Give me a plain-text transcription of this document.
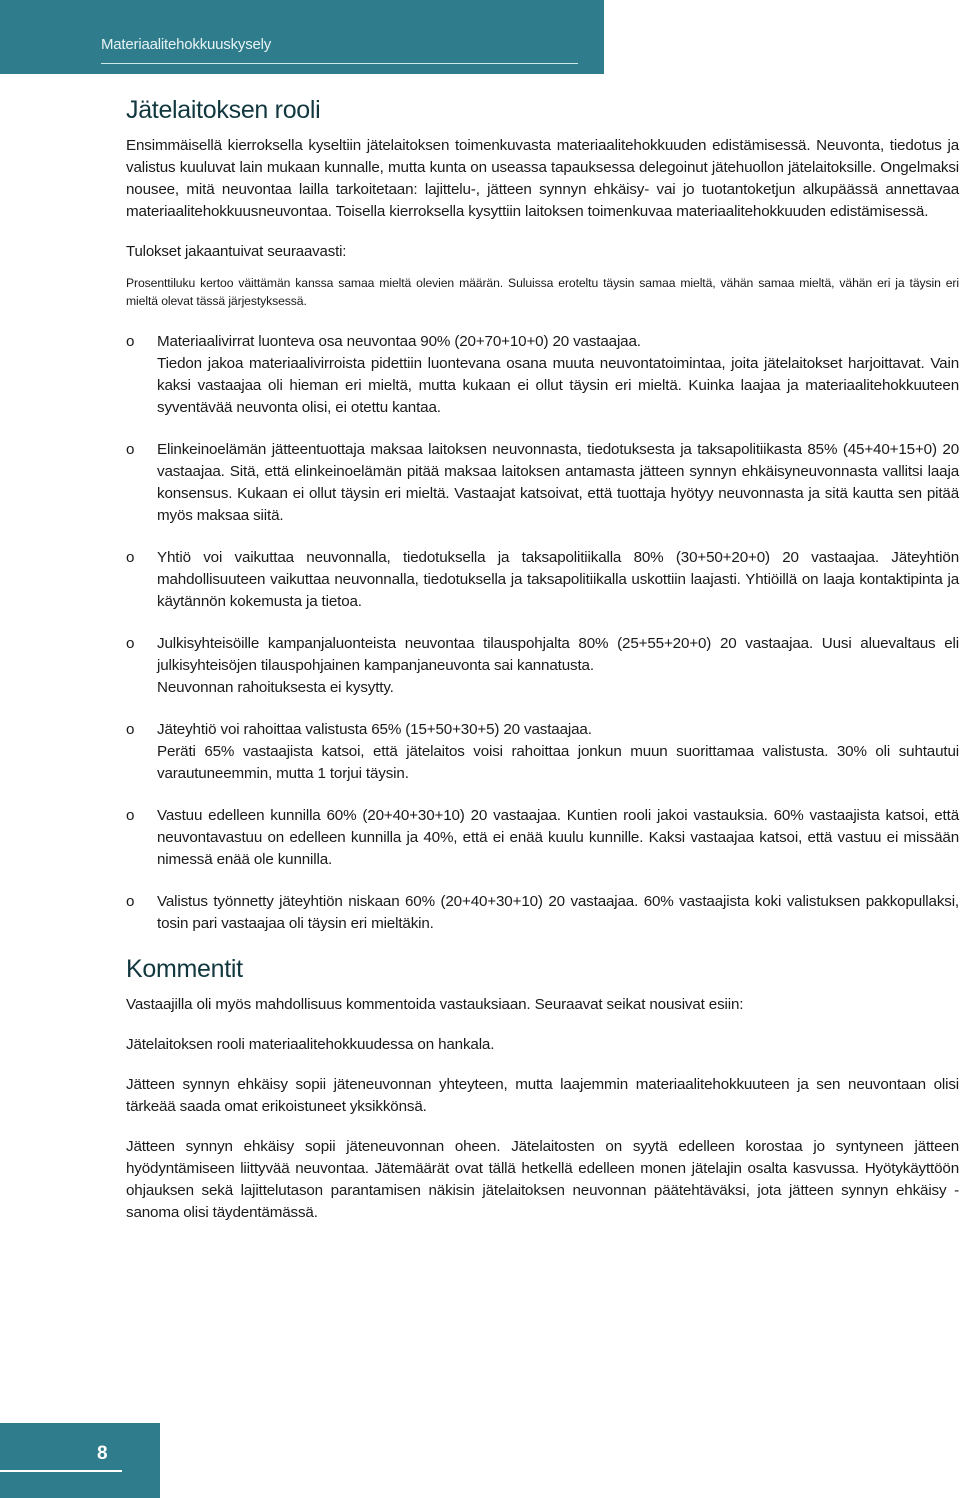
Materiaalitehokkuuskysely
Jätelaitoksen rooli

Ensimmäisellä kierroksella kyseltiin jätelaitoksen toimenkuvasta materiaalitehokkuuden edistämisessä. Neuvonta, tiedotus ja valistus kuuluvat lain mukaan kunnalle, mutta kunta on useassa tapauksessa delegoinut jätehuollon jätelaitoksille. Ongelmaksi nousee, mitä neuvontaa lailla tarkoitetaan: lajittelu-, jätteen synnyn ehkäisy- vai jo tuotantoketjun alkupäässä annettavaa materiaalitehokkuusneuvontaa. Toisella kierroksella kysyttiin laitoksen toimenkuvaa materiaalitehokkuuden edistämisessä.

Tulokset jakaantuivat seuraavasti:

Prosenttiluku kertoo väittämän kanssa samaa mieltä olevien määrän. Suluissa eroteltu täysin samaa mieltä, vähän samaa mieltä, vähän eri ja täysin eri mieltä olevat tässä järjestyksessä.

o Materiaalivirrat luonteva osa neuvontaa 90% (20+70+10+0) 20 vastaajaa.

Tiedon jakoa materiaalivirroista pidettiin luontevana osana muuta neuvontatoimintaa, joita jätelaitokset harjoittavat. Vain kaksi vastaajaa oli hieman eri mieltä, mutta kukaan ei ollut täysin eri mieltä. Kuinka laajaa ja materiaalitehokkuuteen syventävää neuvonta olisi, ei otettu kantaa.

o Elinkeinoelämän jätteentuottaja maksaa laitoksen neuvonnasta, tiedotuksesta ja taksapolitiikasta 85% (45+40+15+0) 20 vastaajaa. Sitä, että elinkeinoelämän pitää maksaa laitoksen antamasta jätteen synnyn ehkäisyneuvonnasta vallitsi laaja konsensus. Kukaan ei ollut täysin eri mieltä. Vastaajat katsoivat, että tuottaja hyötyy neuvonnasta ja sitä kautta sen pitää myös maksaa siitä.

o Yhtiö voi vaikuttaa neuvonnalla, tiedotuksella ja taksapolitiikalla 80% (30+50+20+0) 20 vastaajaa. Jäteyhtiön mahdollisuuteen vaikuttaa neuvonnalla, tiedotuksella ja taksapolitiikalla uskottiin laajasti. Yhtiöillä on laaja kontaktipinta ja käytännön kokemusta ja tietoa.

o Julkisyhteisöille kampanjaluonteista neuvontaa tilauspohjalta 80% (25+55+20+0) 20 vastaajaa. Uusi aluevaltaus eli julkisyhteisöjen tilauspohjainen kampanjaneuvonta sai kannatusta.

Neuvonnan rahoituksesta ei kysytty.

o Jäteyhtiö voi rahoittaa valistusta 65% (15+50+30+5) 20 vastaajaa.

Peräti 65% vastaajista katsoi, että jätelaitos voisi rahoittaa jonkun muun suorittamaa valistusta. 30% oli suhtautui varautuneemmin, mutta 1 torjui täysin.

o Vastuu edelleen kunnilla 60% (20+40+30+10) 20 vastaajaa. Kuntien rooli jakoi vastauksia. 60% vastaajista katsoi, että neuvontavastuu on edelleen kunnilla ja 40%, että ei enää kuulu kunnille. Kaksi vastaajaa katsoi, että vastuu ei missään nimessä enää ole kunnilla.

o Valistus työnnetty jäteyhtiön niskaan 60% (20+40+30+10) 20 vastaajaa. 60% vastaajista koki valistuksen pakkopullaksi, tosin pari vastaajaa oli täysin eri mieltäkin.

Kommentit

Vastaajilla oli myös mahdollisuus kommentoida vastauksiaan. Seuraavat seikat nousivat esiin:

Jätelaitoksen rooli materiaalitehokkuudessa on hankala.

Jätteen synnyn ehkäisy sopii jäteneuvonnan yhteyteen, mutta laajemmin materiaalitehokkuuteen ja sen neuvontaan olisi tärkeää saada omat erikoistuneet yksikkönsä.

Jätteen synnyn ehkäisy sopii jäteneuvonnan oheen. Jätelaitosten on syytä edelleen korostaa jo syntyneen jätteen hyödyntämiseen liittyvää neuvontaa. Jätemäärät ovat tällä hetkellä edelleen monen jätelajin osalta kasvussa. Hyötykäyttöön ohjauksen sekä lajittelutason parantamisen näkisin jätelaitoksen neuvonnan päätehtäväksi, jota jätteen synnyn ehkäisy -sanoma olisi täydentämässä.

8
